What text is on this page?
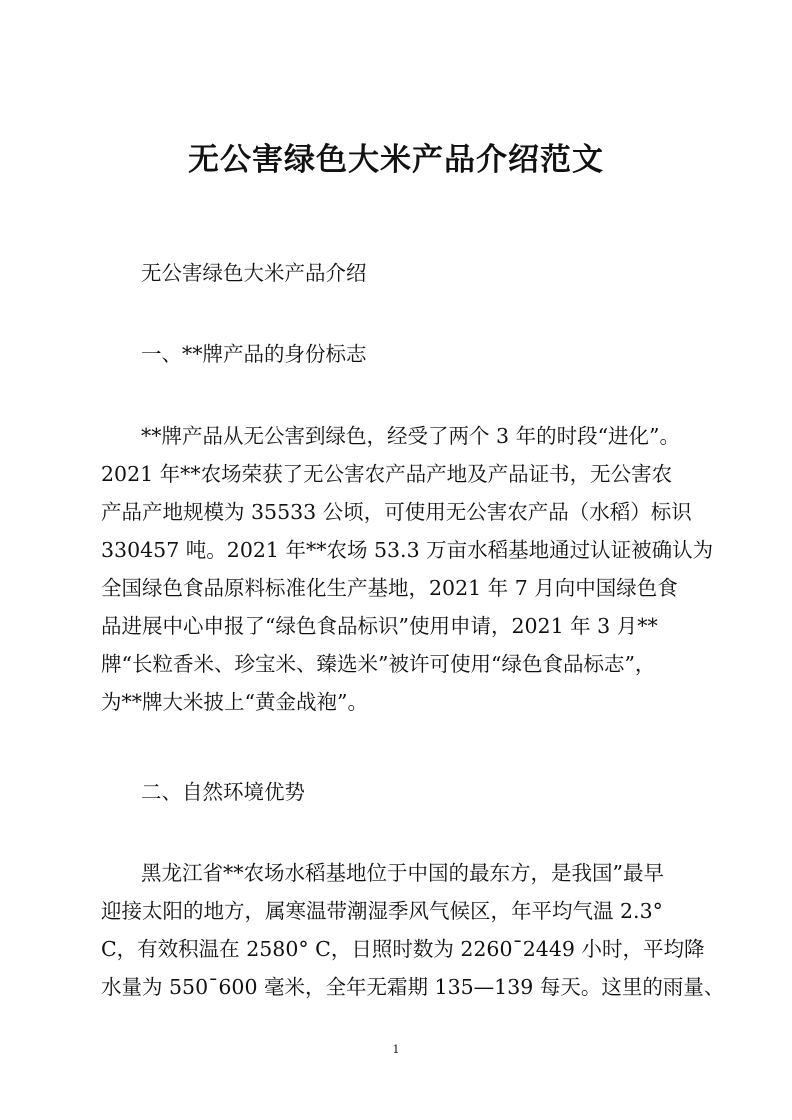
无公害绿色大米产品介绍范文

无公害绿色大米产品介绍

一、**牌产品的身份标志

**牌产品从无公害到绿色，经受了两个 3 年的时段“进化”。

2021 年**农场荣获了无公害农产品产地及产品证书，无公害农

产品产地规模为 35533 公顷，可使用无公害农产品（水稻）标识

330457 吨。2021 年**农场 53.3 万亩水稻基地通过认证被确认为

全国绿色食品原料标准化生产基地，2021 年 7 月向中国绿色食

品进展中心申报了“绿色食品标识”使用申请，2021 年 3 月**

牌“长粒香米、珍宝米、臻选米”被许可使用“绿色食品标志”，

为**牌大米披上“黄金战袍”。

二、自然环境优势

黑龙江省**农场水稻基地位于中国的最东方，是我国”最早

迎接太阳的地方，属寒温带潮湿季风气候区，年平均气温 2.3°

C，有效积温在 2580° C，日照时数为 2260¯2449 小时，平均降

水量为 550¯600 毫米，全年无霜期 135—139 每天。这里的雨量、

1
